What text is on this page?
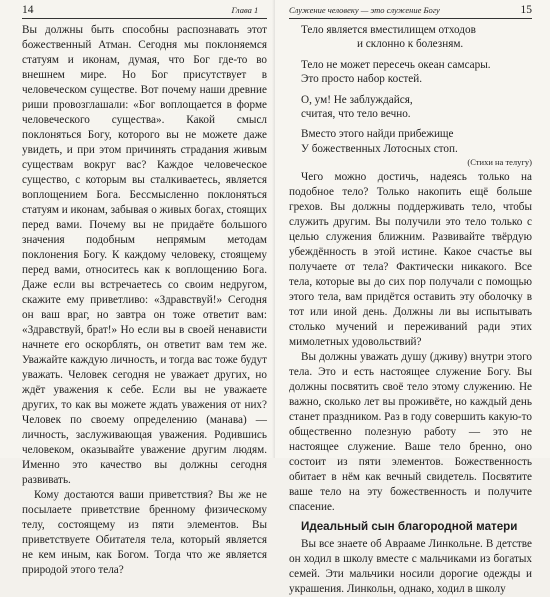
14	Глава 1

Вы должны быть способны распознавать этот божественный Атман. Сегодня мы поклоняемся статуям и иконам, думая, что Бог где-то во внешнем мире. Но Бог присутствует в человеческом существе. Вот почему наши древние риши провозглашали: «Бог воплощается в форме человеческого существа». Какой смысл поклоняться Богу, которого вы не можете даже увидеть, и при этом причинять страдания живым существам вокруг вас? Каждое человеческое существо, с которым вы сталкиваетесь, является воплощением Бога. Бессмысленно поклоняться статуям и иконам, забывая о живых богах, стоящих перед вами. Почему вы не придаёте большого значения подобным непрямым методам поклонения Богу. К каждому человеку, стоящему перед вами, относитесь как к воплощению Бога. Даже если вы встречаетесь со своим недругом, скажите ему приветливо: «Здравствуй!» Сегодня он ваш враг, но завтра он тоже ответит вам: «Здравствуй, брат!» Но если вы в своей ненависти начнете его оскорблять, он ответит вам тем же. Уважайте каждую личность, и тогда вас тоже будут уважать. Человек сегодня не уважает других, но ждёт уважения к себе. Если вы не уважаете других, то как вы можете ждать уважения от них? Человек по своему определению (манава) — личность, заслуживающая уважения. Родившись человеком, оказывайте уважение другим людям. Именно это качество вы должны сегодня развивать.

Кому достаются ваши приветствия? Вы же не посылаете приветствие бренному физическому телу, состоящему из пяти элементов. Вы приветствуете Обитателя тела, который является не кем иным, как Богом. Тогда что же является природой этого тела?

Служение человеку — это служение Богу	15
Тело является вместилищем отходов
и склонно к болезням.
Тело не может пересечь океан самсары.
Это просто набор костей.
О, ум! Не заблуждайся,
считая, что тело вечно.
Вместо этого найди прибежище
У божественных Лотосных стоп.
(Стихи на телугу)

Чего можно достичь, надеясь только на подобное тело? Только накопить ещё больше грехов. Вы должны поддерживать тело, чтобы служить другим. Вы получили это тело только с целью служения ближним. Развивайте твёрдую убеждённость в этой истине. Какое счастье вы получаете от тела? Фактически никакого. Все тела, которые вы до сих пор получали с помощью этого тела, вам придётся оставить эту оболочку в тот или иной день. Должны ли вы испытывать столько мучений и переживаний ради этих мимолетных удовольствий?

Вы должны уважать душу (дживу) внутри этого тела. Это и есть настоящее служение Богу. Вы должны посвятить своё тело этому служению. Не важно, сколько лет вы проживёте, но каждый день станет праздником. Раз в году совершить какую-то общественно полезную работу — это не настоящее служение. Ваше тело бренно, оно состоит из пяти элементов. Божественность обитает в нём как вечный свидетель. Посвятите ваше тело на эту божественность и получите спасение.

Идеальный сын благородной матери

Вы все знаете об Аврааме Линкольне. В детстве он ходил в школу вместе с мальчиками из богатых семей. Эти мальчики носили дорогие одежды и украшения. Линкольн, однако, ходил в школу
